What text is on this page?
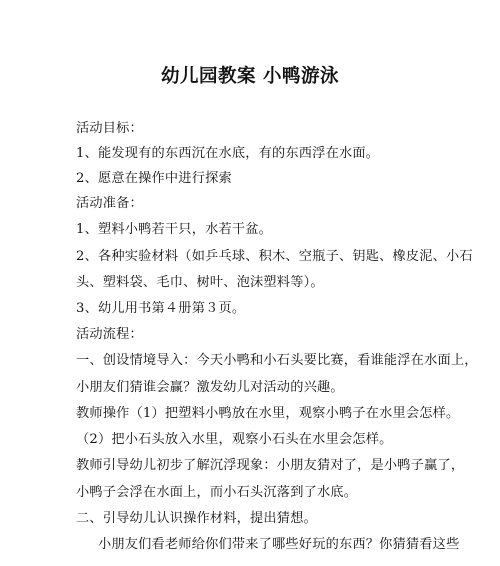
幼儿园教案 小鸭游泳
活动目标：
1、能发现有的东西沉在水底，有的东西浮在水面。
2、愿意在操作中进行探索
活动准备：
1、塑料小鸭若干只，水若干盆。
2、各种实验材料（如乒乓球、积木、空瓶子、钥匙、橡皮泥、小石
头、塑料袋、毛巾、树叶、泡沫塑料等）。
3、幼儿用书第４册第３页。
活动流程：
一、创设情境导入：今天小鸭和小石头要比赛，看谁能浮在水面上，
小朋友们猜谁会赢？激发幼儿对活动的兴趣。
教师操作（1）把塑料小鸭放在水里，观察小鸭子在水里会怎样。
（2）把小石头放入水里，观察小石头在水里会怎样。
教师引导幼儿初步了解沉浮现象：小朋友猜对了，是小鸭子赢了，
小鸭子会浮在水面上，而小石头沉落到了水底。
二、引导幼儿认识操作材料，提出猜想。
小朋友们看老师给你们带来了哪些好玩的东西？你猜猜看这些
